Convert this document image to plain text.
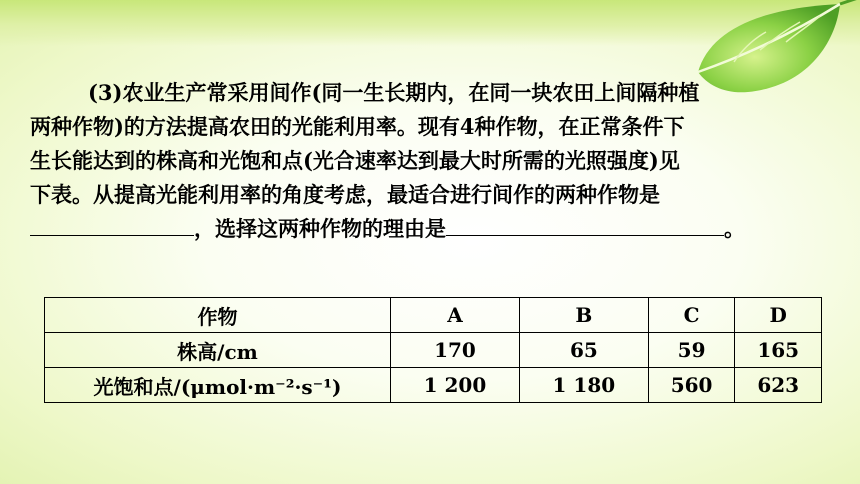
(3)农业生产常采用间作(同一生长期内，在同一块农田上间隔种植
两种作物)的方法提高农田的光能利用率。现有4种作物，在正常条件下
生长能达到的株高和光饱和点(光合速率达到最大时所需的光照强度)见
下表。从提高光能利用率的角度考虑，最适合进行间作的两种作物是
，选择这两种作物的理由是	。
作物	A	B	C	D
株高/cm	170	65	59	165
光饱和点/(μmol·m⁻²·s⁻¹)	1 200	1 180	560	623
